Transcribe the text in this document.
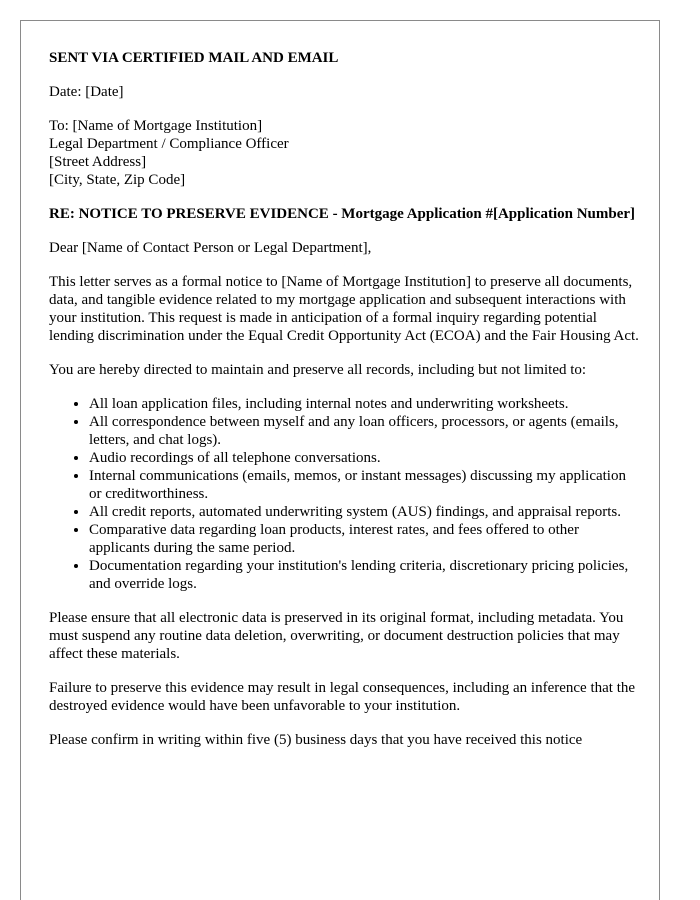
SENT VIA CERTIFIED MAIL AND EMAIL

Date: [Date]

To: [Name of Mortgage Institution]
Legal Department / Compliance Officer
[Street Address]
[City, State, Zip Code]

RE: NOTICE TO PRESERVE EVIDENCE - Mortgage Application #[Application Number]

Dear [Name of Contact Person or Legal Department],

This letter serves as a formal notice to [Name of Mortgage Institution] to preserve all documents, data, and tangible evidence related to my mortgage application and subsequent interactions with your institution. This request is made in anticipation of a formal inquiry regarding potential lending discrimination under the Equal Credit Opportunity Act (ECOA) and the Fair Housing Act.

You are hereby directed to maintain and preserve all records, including but not limited to:

• All loan application files, including internal notes and underwriting worksheets.
• All correspondence between myself and any loan officers, processors, or agents (emails, letters, and chat logs).
• Audio recordings of all telephone conversations.
• Internal communications (emails, memos, or instant messages) discussing my application or creditworthiness.
• All credit reports, automated underwriting system (AUS) findings, and appraisal reports.
• Comparative data regarding loan products, interest rates, and fees offered to other applicants during the same period.
• Documentation regarding your institution's lending criteria, discretionary pricing policies, and override logs.

Please ensure that all electronic data is preserved in its original format, including metadata. You must suspend any routine data deletion, overwriting, or document destruction policies that may affect these materials.

Failure to preserve this evidence may result in legal consequences, including an inference that the destroyed evidence would have been unfavorable to your institution.

Please confirm in writing within five (5) business days that you have received this notice
